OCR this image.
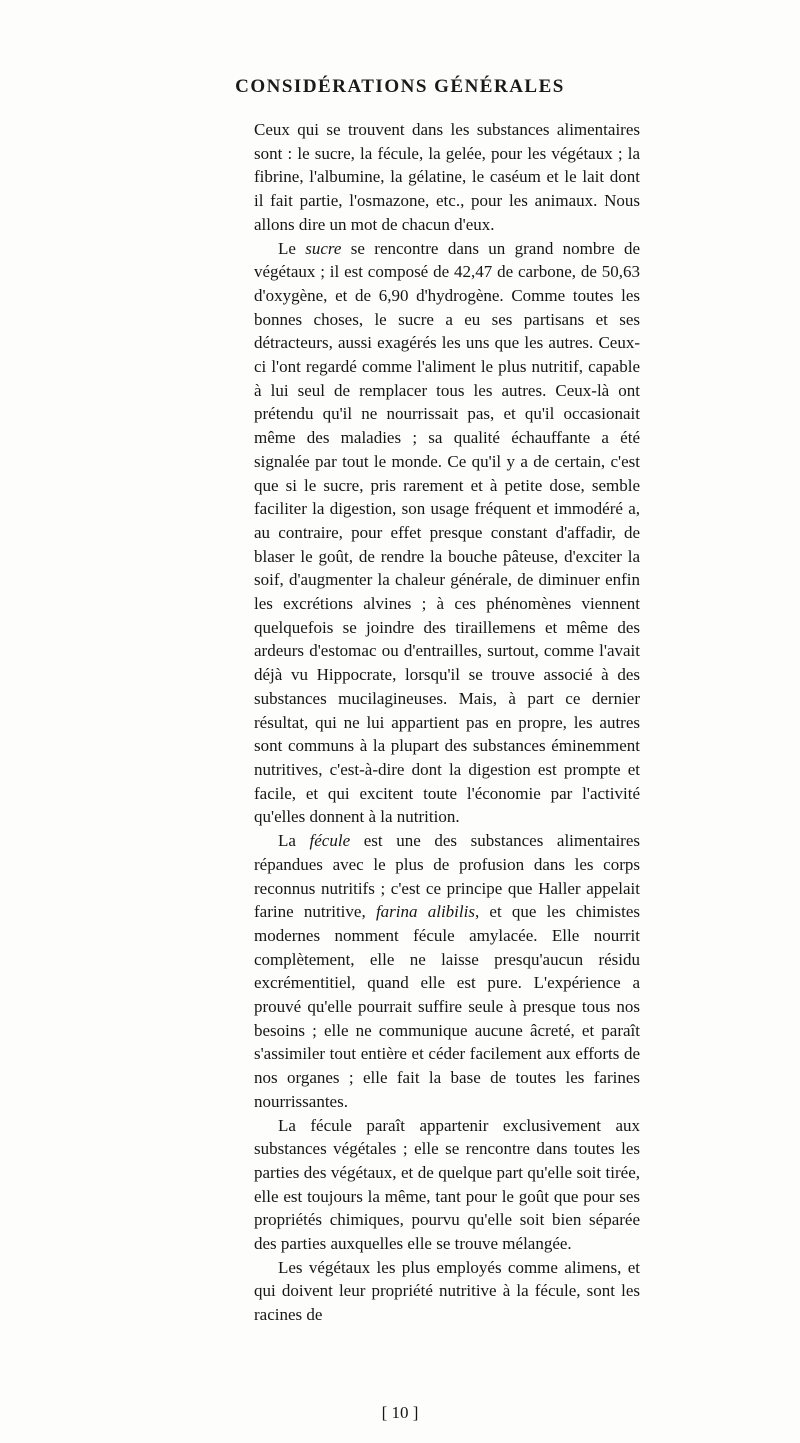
CONSIDÉRATIONS GÉNÉRALES

Ceux qui se trouvent dans les substances alimentaires sont : le sucre, la fécule, la gelée, pour les végétaux ; la fibrine, l'albumine, la gélatine, le caséum et le lait dont il fait partie, l'osmazone, etc., pour les animaux. Nous allons dire un mot de chacun d'eux.

Le sucre se rencontre dans un grand nombre de végétaux ; il est composé de 42,47 de carbone, de 50,63 d'oxygène, et de 6,90 d'hydrogène. Comme toutes les bonnes choses, le sucre a eu ses partisans et ses détracteurs, aussi exagérés les uns que les autres. Ceux-ci l'ont regardé comme l'aliment le plus nutritif, capable à lui seul de remplacer tous les autres. Ceux-là ont prétendu qu'il ne nourrissait pas, et qu'il occasionait même des maladies ; sa qualité échauffante a été signalée par tout le monde. Ce qu'il y a de certain, c'est que si le sucre, pris rarement et à petite dose, semble faciliter la digestion, son usage fréquent et immodéré a, au contraire, pour effet presque constant d'affadir, de blaser le goût, de rendre la bouche pâteuse, d'exciter la soif, d'augmenter la chaleur générale, de diminuer enfin les excrétions alvines ; à ces phénomènes viennent quelquefois se joindre des tiraillemens et même des ardeurs d'estomac ou d'entrailles, surtout, comme l'avait déjà vu Hippocrate, lorsqu'il se trouve associé à des substances mucilagineuses. Mais, à part ce dernier résultat, qui ne lui appartient pas en propre, les autres sont communs à la plupart des substances éminemment nutritives, c'est-à-dire dont la digestion est prompte et facile, et qui excitent toute l'économie par l'activité qu'elles donnent à la nutrition.

La fécule est une des substances alimentaires répandues avec le plus de profusion dans les corps reconnus nutritifs ; c'est ce principe que Haller appelait farine nutritive, farina alibilis, et que les chimistes modernes nomment fécule amylacée. Elle nourrit complètement, elle ne laisse presqu'aucun résidu excrémentitiel, quand elle est pure. L'expérience a prouvé qu'elle pourrait suffire seule à presque tous nos besoins ; elle ne communique aucune âcreté, et paraît s'assimiler tout entière et céder facilement aux efforts de nos organes ; elle fait la base de toutes les farines nourrissantes.

La fécule paraît appartenir exclusivement aux substances végétales ; elle se rencontre dans toutes les parties des végétaux, et de quelque part qu'elle soit tirée, elle est toujours la même, tant pour le goût que pour ses propriétés chimiques, pourvu qu'elle soit bien séparée des parties auxquelles elle se trouve mélangée.

Les végétaux les plus employés comme alimens, et qui doivent leur propriété nutritive à la fécule, sont les racines de

[ 10 ]
